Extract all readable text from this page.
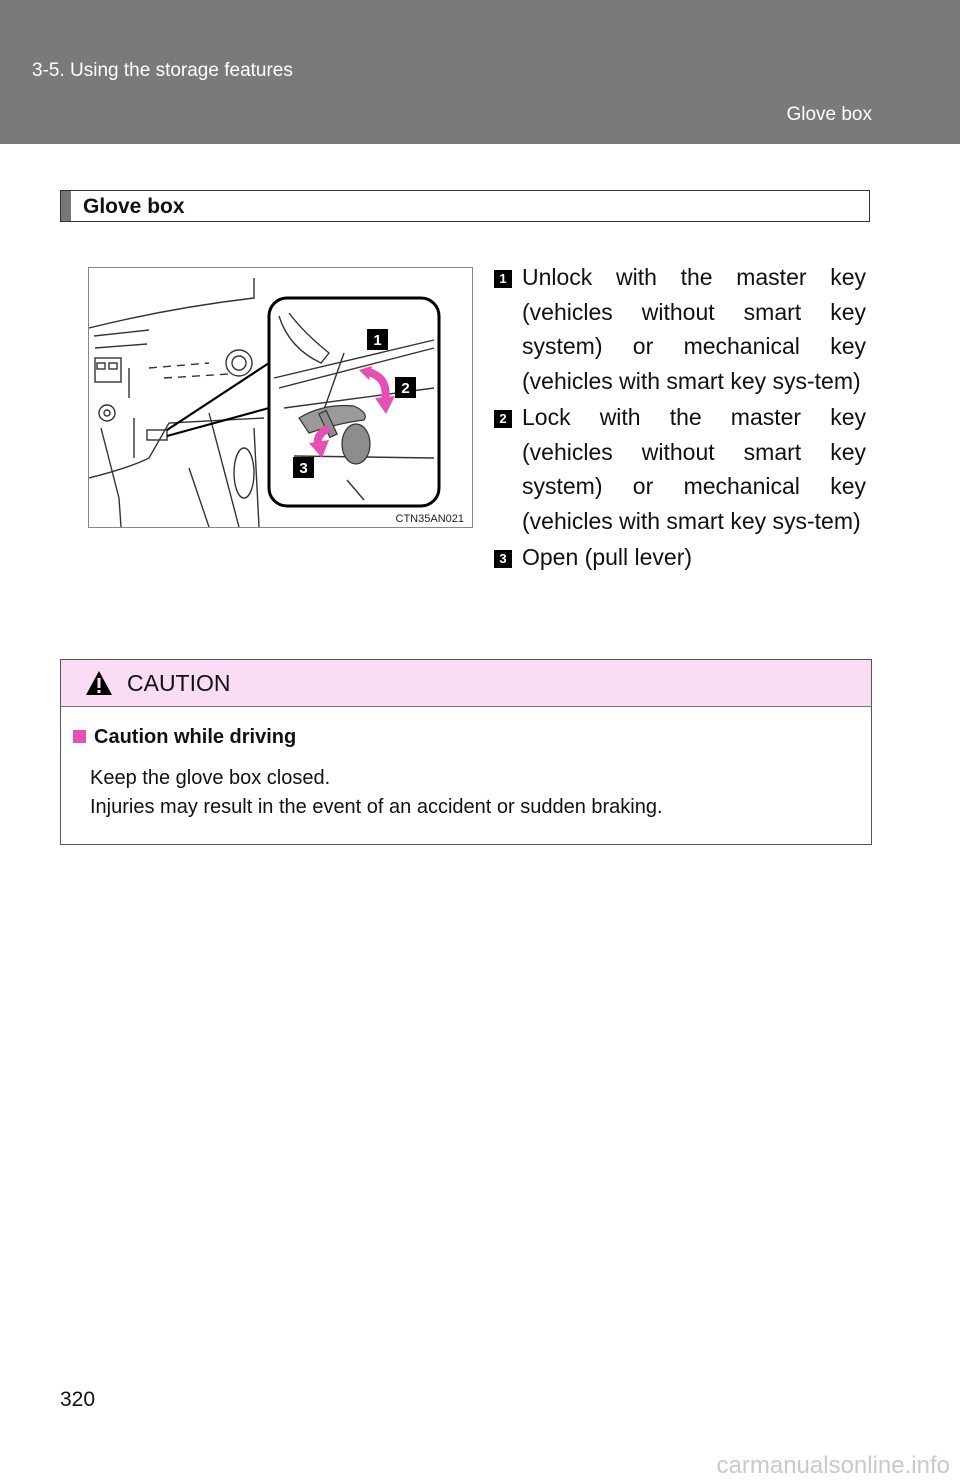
3-5. Using the storage features
Glove box
Glove box
1
2
3
CTN35AN021
1 Unlock with the master key (vehicles without smart key system) or mechanical key (vehicles with smart key sys-tem)
2 Lock with the master key (vehicles without smart key system) or mechanical key (vehicles with smart key sys-tem)
3 Open (pull lever)
CAUTION
Caution while driving
Keep the glove box closed.
Injuries may result in the event of an accident or sudden braking.
320
carmanualsonline.info
